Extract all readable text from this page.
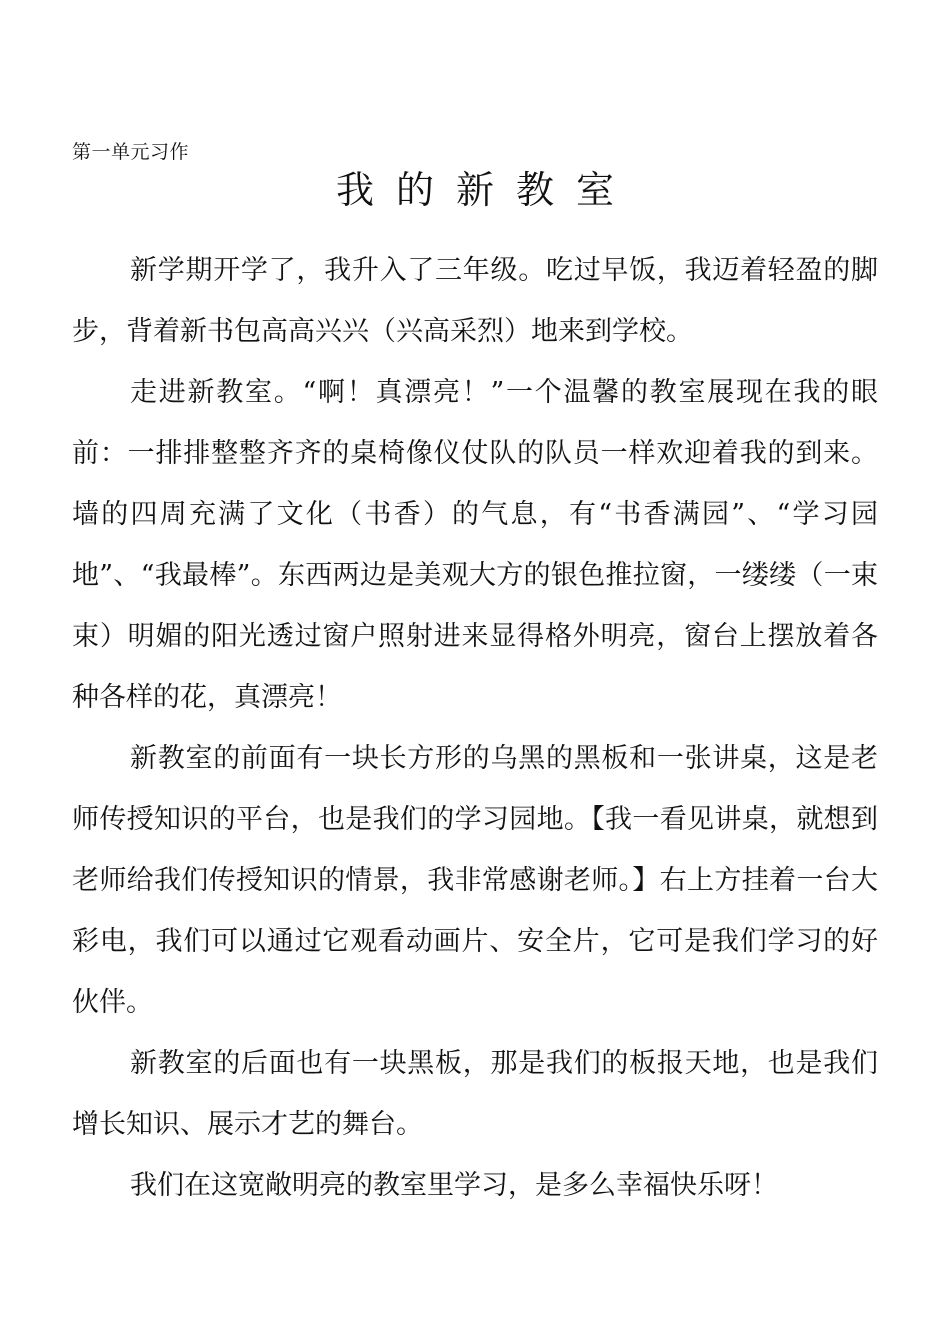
第一单元习作
我的新教室

新学期开学了，我升入了三年级。吃过早饭，我迈着轻盈的脚步，背着新书包高高兴兴（兴高采烈）地来到学校。

走进新教室。“啊！真漂亮！”一个温馨的教室展现在我的眼前：一排排整整齐齐的桌椅像仪仗队的队员一样欢迎着我的到来。墙的四周充满了文化（书香）的气息，有“书香满园”、“学习园地”、“我最棒”。东西两边是美观大方的银色推拉窗，一缕缕（一束束）明媚的阳光透过窗户照射进来显得格外明亮，窗台上摆放着各种各样的花，真漂亮！

新教室的前面有一块长方形的乌黑的黑板和一张讲桌，这是老师传授知识的平台，也是我们的学习园地。【我一看见讲桌，就想到老师给我们传授知识的情景，我非常感谢老师。】右上方挂着一台大彩电，我们可以通过它观看动画片、安全片，它可是我们学习的好伙伴。

新教室的后面也有一块黑板，那是我们的板报天地，也是我们增长知识、展示才艺的舞台。

我们在这宽敞明亮的教室里学习，是多么幸福快乐呀！
